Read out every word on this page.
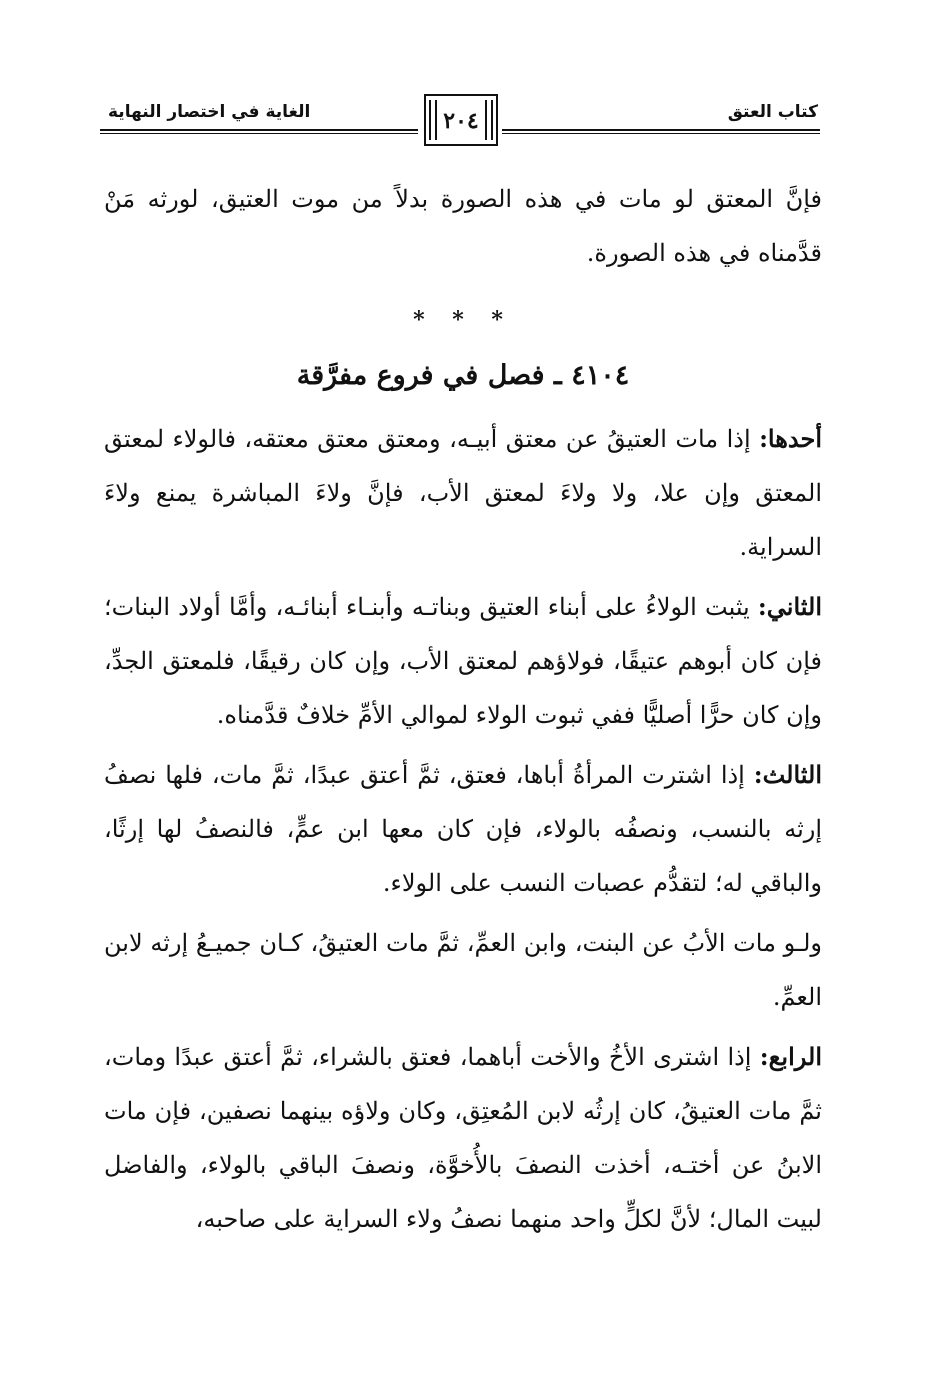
الغاية في اختصار النهاية	٢٠٤	كتاب العتق

فإنَّ المعتق لو مات في هذه الصورة بدلاً من موت العتيق، لورثه مَنْ قدَّمناه في هذه الصورة.

* * *
٤١٠٤ ـ فصل في فروع مفرَّقة

أحدها: إذا مات العتيقُ عن معتق أبيـه، ومعتق معتق معتقه، فالولاء لمعتق المعتق وإن علا، ولا ولاءَ لمعتق الأب، فإنَّ ولاءَ المباشرة يمنع ولاءَ السراية.

الثاني: يثبت الولاءُ على أبناء العتيق وبناتـه وأبنـاء أبنائـه، وأمَّا أولاد البنات؛ فإن كان أبوهم عتيقًا، فولاؤهم لمعتق الأب، وإن كان رقيقًا، فلمعتق الجدِّ، وإن كان حرًّا أصليًّا ففي ثبوت الولاء لموالي الأمِّ خلافٌ قدَّمناه.

الثالث: إذا اشترت المرأةُ أباها، فعتق، ثمَّ أعتق عبدًا، ثمَّ مات، فلها نصفُ إرثه بالنسب، ونصفُه بالولاء، فإن كان معها ابن عمٍّ، فالنصفُ لها إرثًا، والباقي له؛ لتقدُّم عصبات النسب على الولاء.

ولـو مات الأبُ عن البنت، وابن العمِّ، ثمَّ مات العتيقُ، كـان جميـعُ إرثه لابن العمِّ.

الرابع: إذا اشترى الأخُ والأخت أباهما، فعتق بالشراء، ثمَّ أعتق عبدًا ومات، ثمَّ مات العتيقُ، كان إرثُه لابن المُعتِق، وكان ولاؤه بينهما نصفين، فإن مات الابنُ عن أختـه، أخذت النصفَ بالأُخوَّة، ونصفَ الباقي بالولاء، والفاضل لبيت المال؛ لأنَّ لكلٍّ واحد منهما نصفُ ولاء السراية على صاحبه،
